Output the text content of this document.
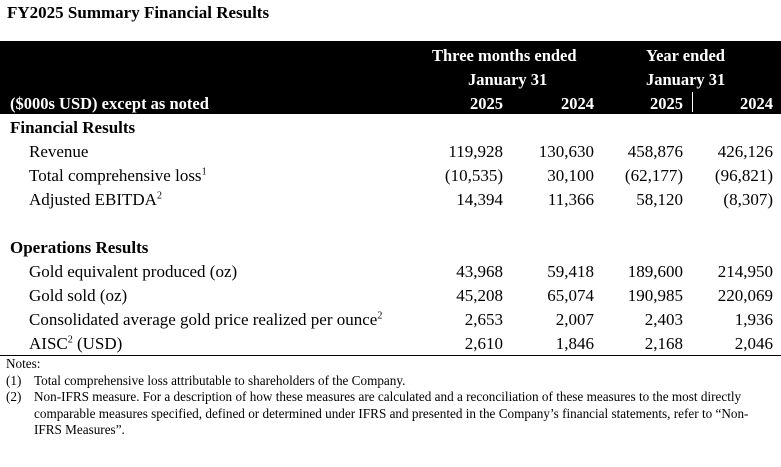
FY2025 Summary Financial Results
Three months ended
January 31
Year ended
January 31
($000s USD) except as noted	2025	2024	2025	2024
Financial Results
Revenue	119,928 130,630 458,876 426,126
Total comprehensive loss$^1$	(10,535)	30,100 (62,177) (96,821)
Adjusted EBITDA$^2$	14,394	11,366 58,120 (8,307)
Operations Results
Gold equivalent produced (oz)	43,968	59,418 189,600 214,950
Gold sold (oz)	45,208	65,074 190,985 220,069
Consolidated average gold price realized per ounce$^2$	2,653	2,007	2,403	1,936
AISC$^2$ (USD)	2,610	1,846	2,168	2,046
Notes:
(1) Total comprehensive loss attributable to shareholders of the Company.
(2) Non-IFRS measure. For a description of how these measures are calculated and a reconciliation of these measures to the most directly comparable measures specified, defined or determined under IFRS and presented in the Company’s financial statements, refer to “Non-IFRS Measures”.
